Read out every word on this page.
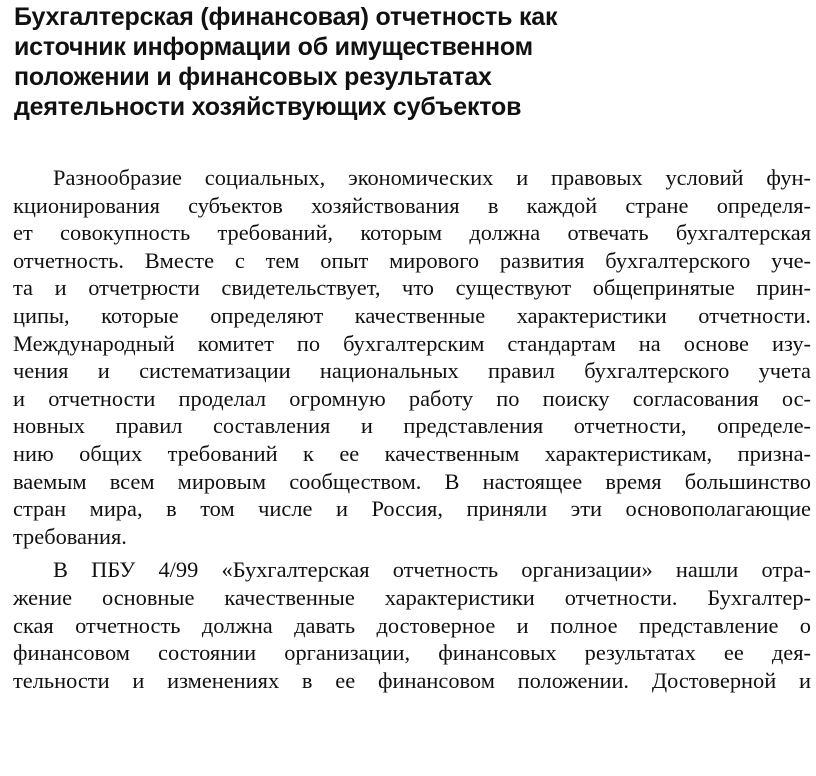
Бухгалтерская (финансовая) отчетность как
источник информации об имущественном
положении и финансовых результатах
деятельности хозяйствующих субъектов

Разнообразие социальных, экономических и правовых условий фун-
кционирования субъектов хозяйствования в каждой стране определя-
ет совокупность требований, которым должна отвечать бухгалтерская
отчетность. Вместе с тем опыт мирового развития бухгалтерского уче-
та и отчетрюсти свидетельствует, что существуют общепринятые прин-
ципы, которые определяют качественные характеристики отчетности.
Международный комитет по бухгалтерским стандартам на основе изу-
чения и систематизации национальных правил бухгалтерского учета
и отчетности проделал огромную работу по поиску согласования ос-
новных правил составления и представления отчетности, определе-
нию общих требований к ее качественным характеристикам, призна-
ваемым всем мировым сообществом. В настоящее время большинство
стран мира, в том числе и Россия, приняли эти основополагающие
требования.

В ПБУ 4/99 «Бухгалтерская отчетность организации» нашли отра-
жение основные качественные характеристики отчетности. Бухгалтер-
ская отчетность должна давать достоверное и полное представление о
финансовом состоянии организации, финансовых результатах ее дея-
тельности и изменениях в ее финансовом положении. Достоверной и
